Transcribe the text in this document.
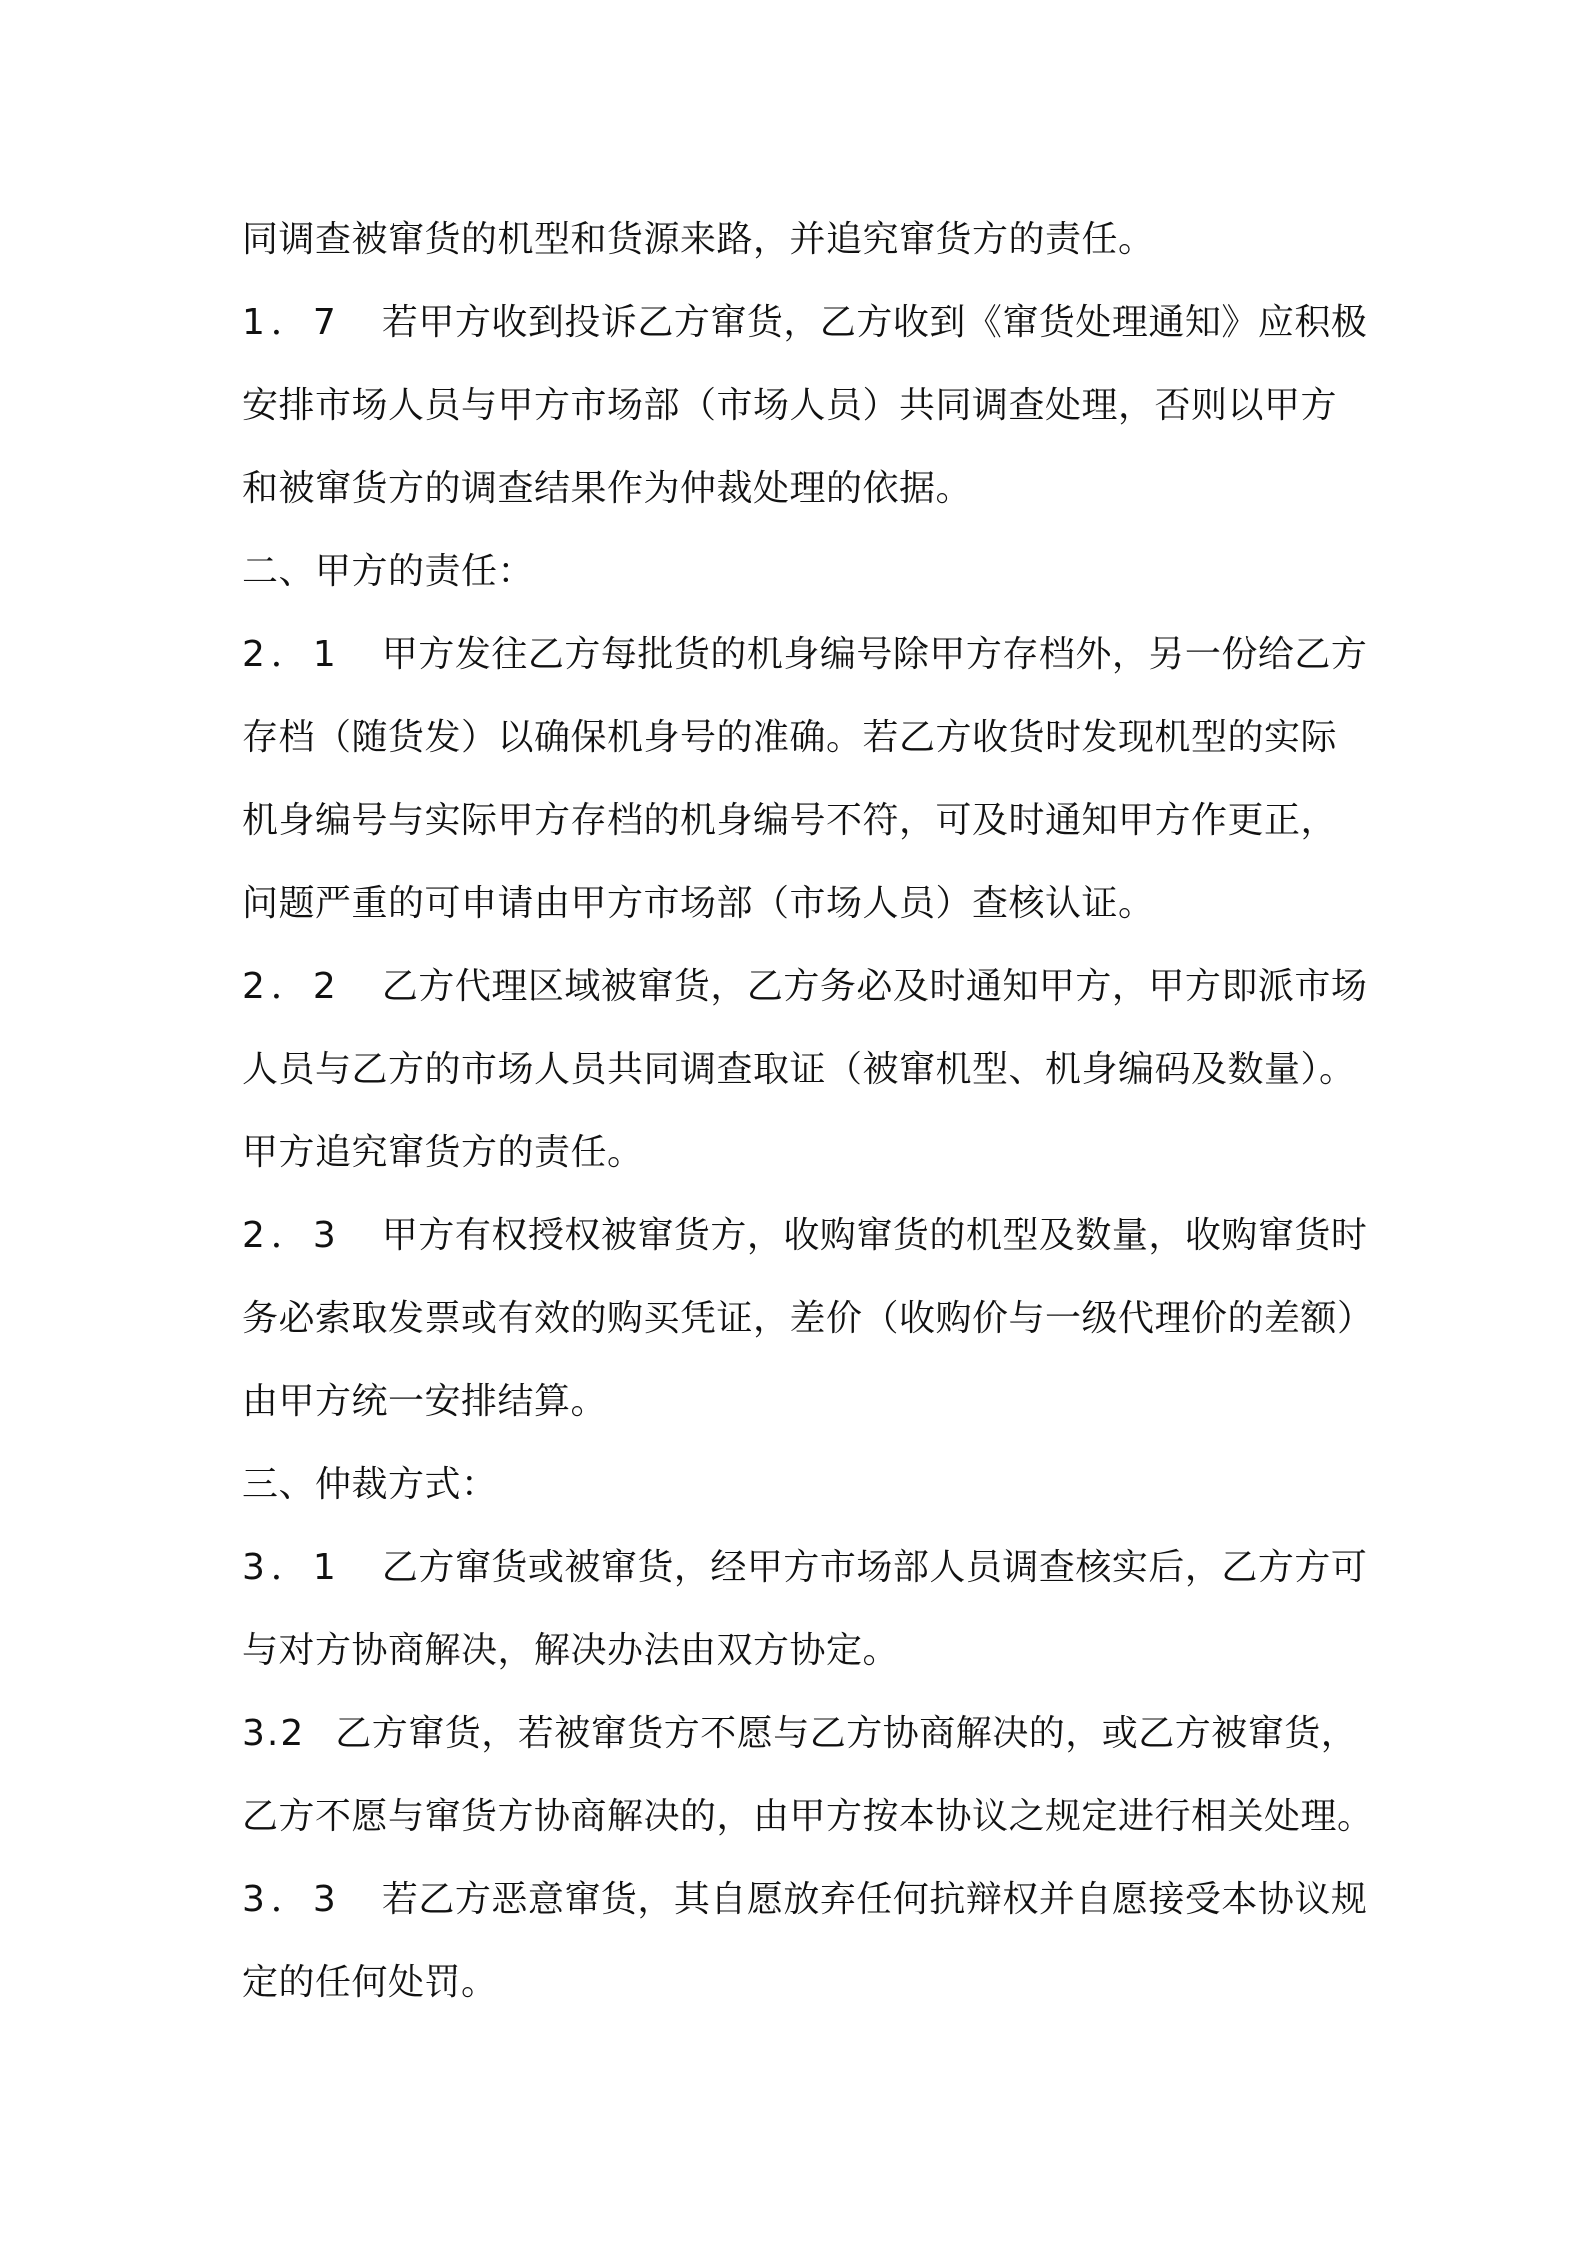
同调查被窜货的机型和货源来路，并追究窜货方的责任。
1．7 若甲方收到投诉乙方窜货，乙方收到《窜货处理通知》应积极
安排市场人员与甲方市场部（市场人员）共同调查处理，否则以甲方
和被窜货方的调查结果作为仲裁处理的依据。
二、甲方的责任：
2．1 甲方发往乙方每批货的机身编号除甲方存档外，另一份给乙方
存档（随货发）以确保机身号的准确。若乙方收货时发现机型的实际
机身编号与实际甲方存档的机身编号不符，可及时通知甲方作更正，
问题严重的可申请由甲方市场部（市场人员）查核认证。
2．2 乙方代理区域被窜货，乙方务必及时通知甲方，甲方即派市场
人员与乙方的市场人员共同调查取证（被窜机型、机身编码及数量）。
甲方追究窜货方的责任。
2．3 甲方有权授权被窜货方，收购窜货的机型及数量，收购窜货时
务必索取发票或有效的购买凭证，差价（收购价与一级代理价的差额）
由甲方统一安排结算。
三、仲裁方式：
3．1 乙方窜货或被窜货，经甲方市场部人员调查核实后，乙方方可
与对方协商解决，解决办法由双方协定。
3.2 乙方窜货，若被窜货方不愿与乙方协商解决的，或乙方被窜货，
乙方不愿与窜货方协商解决的，由甲方按本协议之规定进行相关处理。
3．3 若乙方恶意窜货，其自愿放弃任何抗辩权并自愿接受本协议规
定的任何处罚。
